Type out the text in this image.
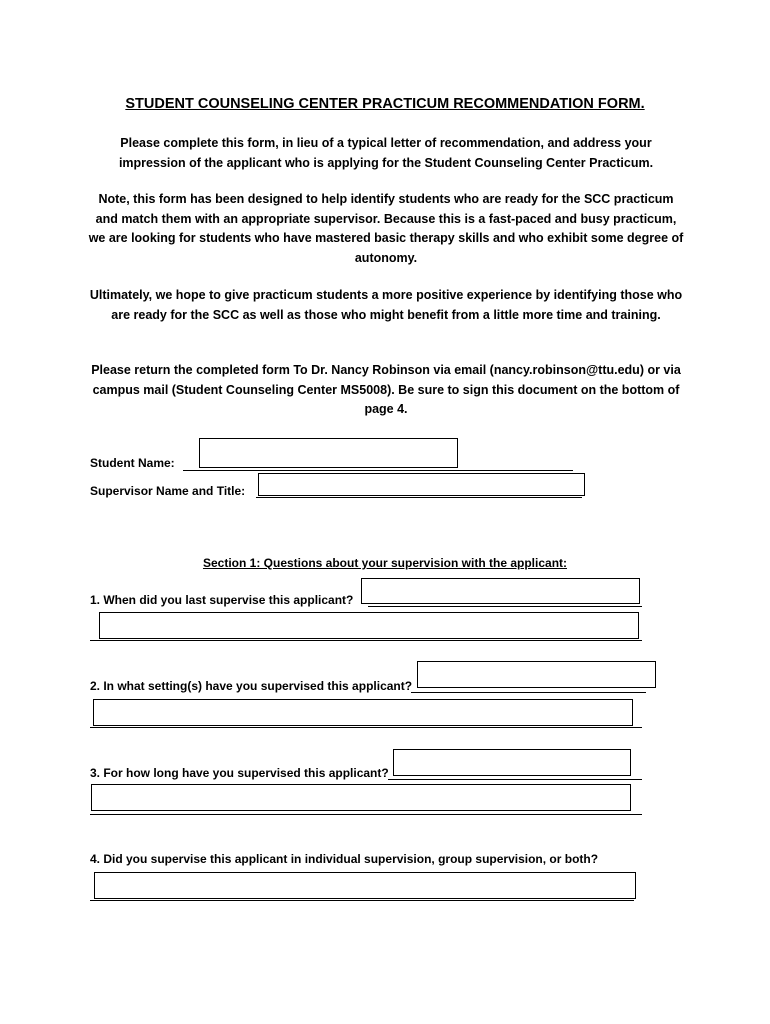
STUDENT COUNSELING CENTER PRACTICUM RECOMMENDATION FORM.
Please complete this form, in lieu of a typical letter of recommendation, and address your impression of the applicant who is applying for the Student Counseling Center Practicum.
Note, this form has been designed to help identify students who are ready for the SCC practicum and match them with an appropriate supervisor. Because this is a fast-paced and busy practicum, we are looking for students who have mastered basic therapy skills and who exhibit some degree of autonomy.
Ultimately, we hope to give practicum students a more positive experience by identifying those who are ready for the SCC as well as those who might benefit from a little more time and training.
Please return the completed form To Dr. Nancy Robinson via email (nancy.robinson@ttu.edu) or via campus mail (Student Counseling Center MS5008). Be sure to sign this document on the bottom of page 4.
Student Name:
Supervisor Name and Title:
Section 1: Questions about your supervision with the applicant:
1. When did you last supervise this applicant?
2. In what setting(s) have you supervised this applicant?
3. For how long have you supervised this applicant?
4. Did you supervise this applicant in individual supervision, group supervision, or both?
